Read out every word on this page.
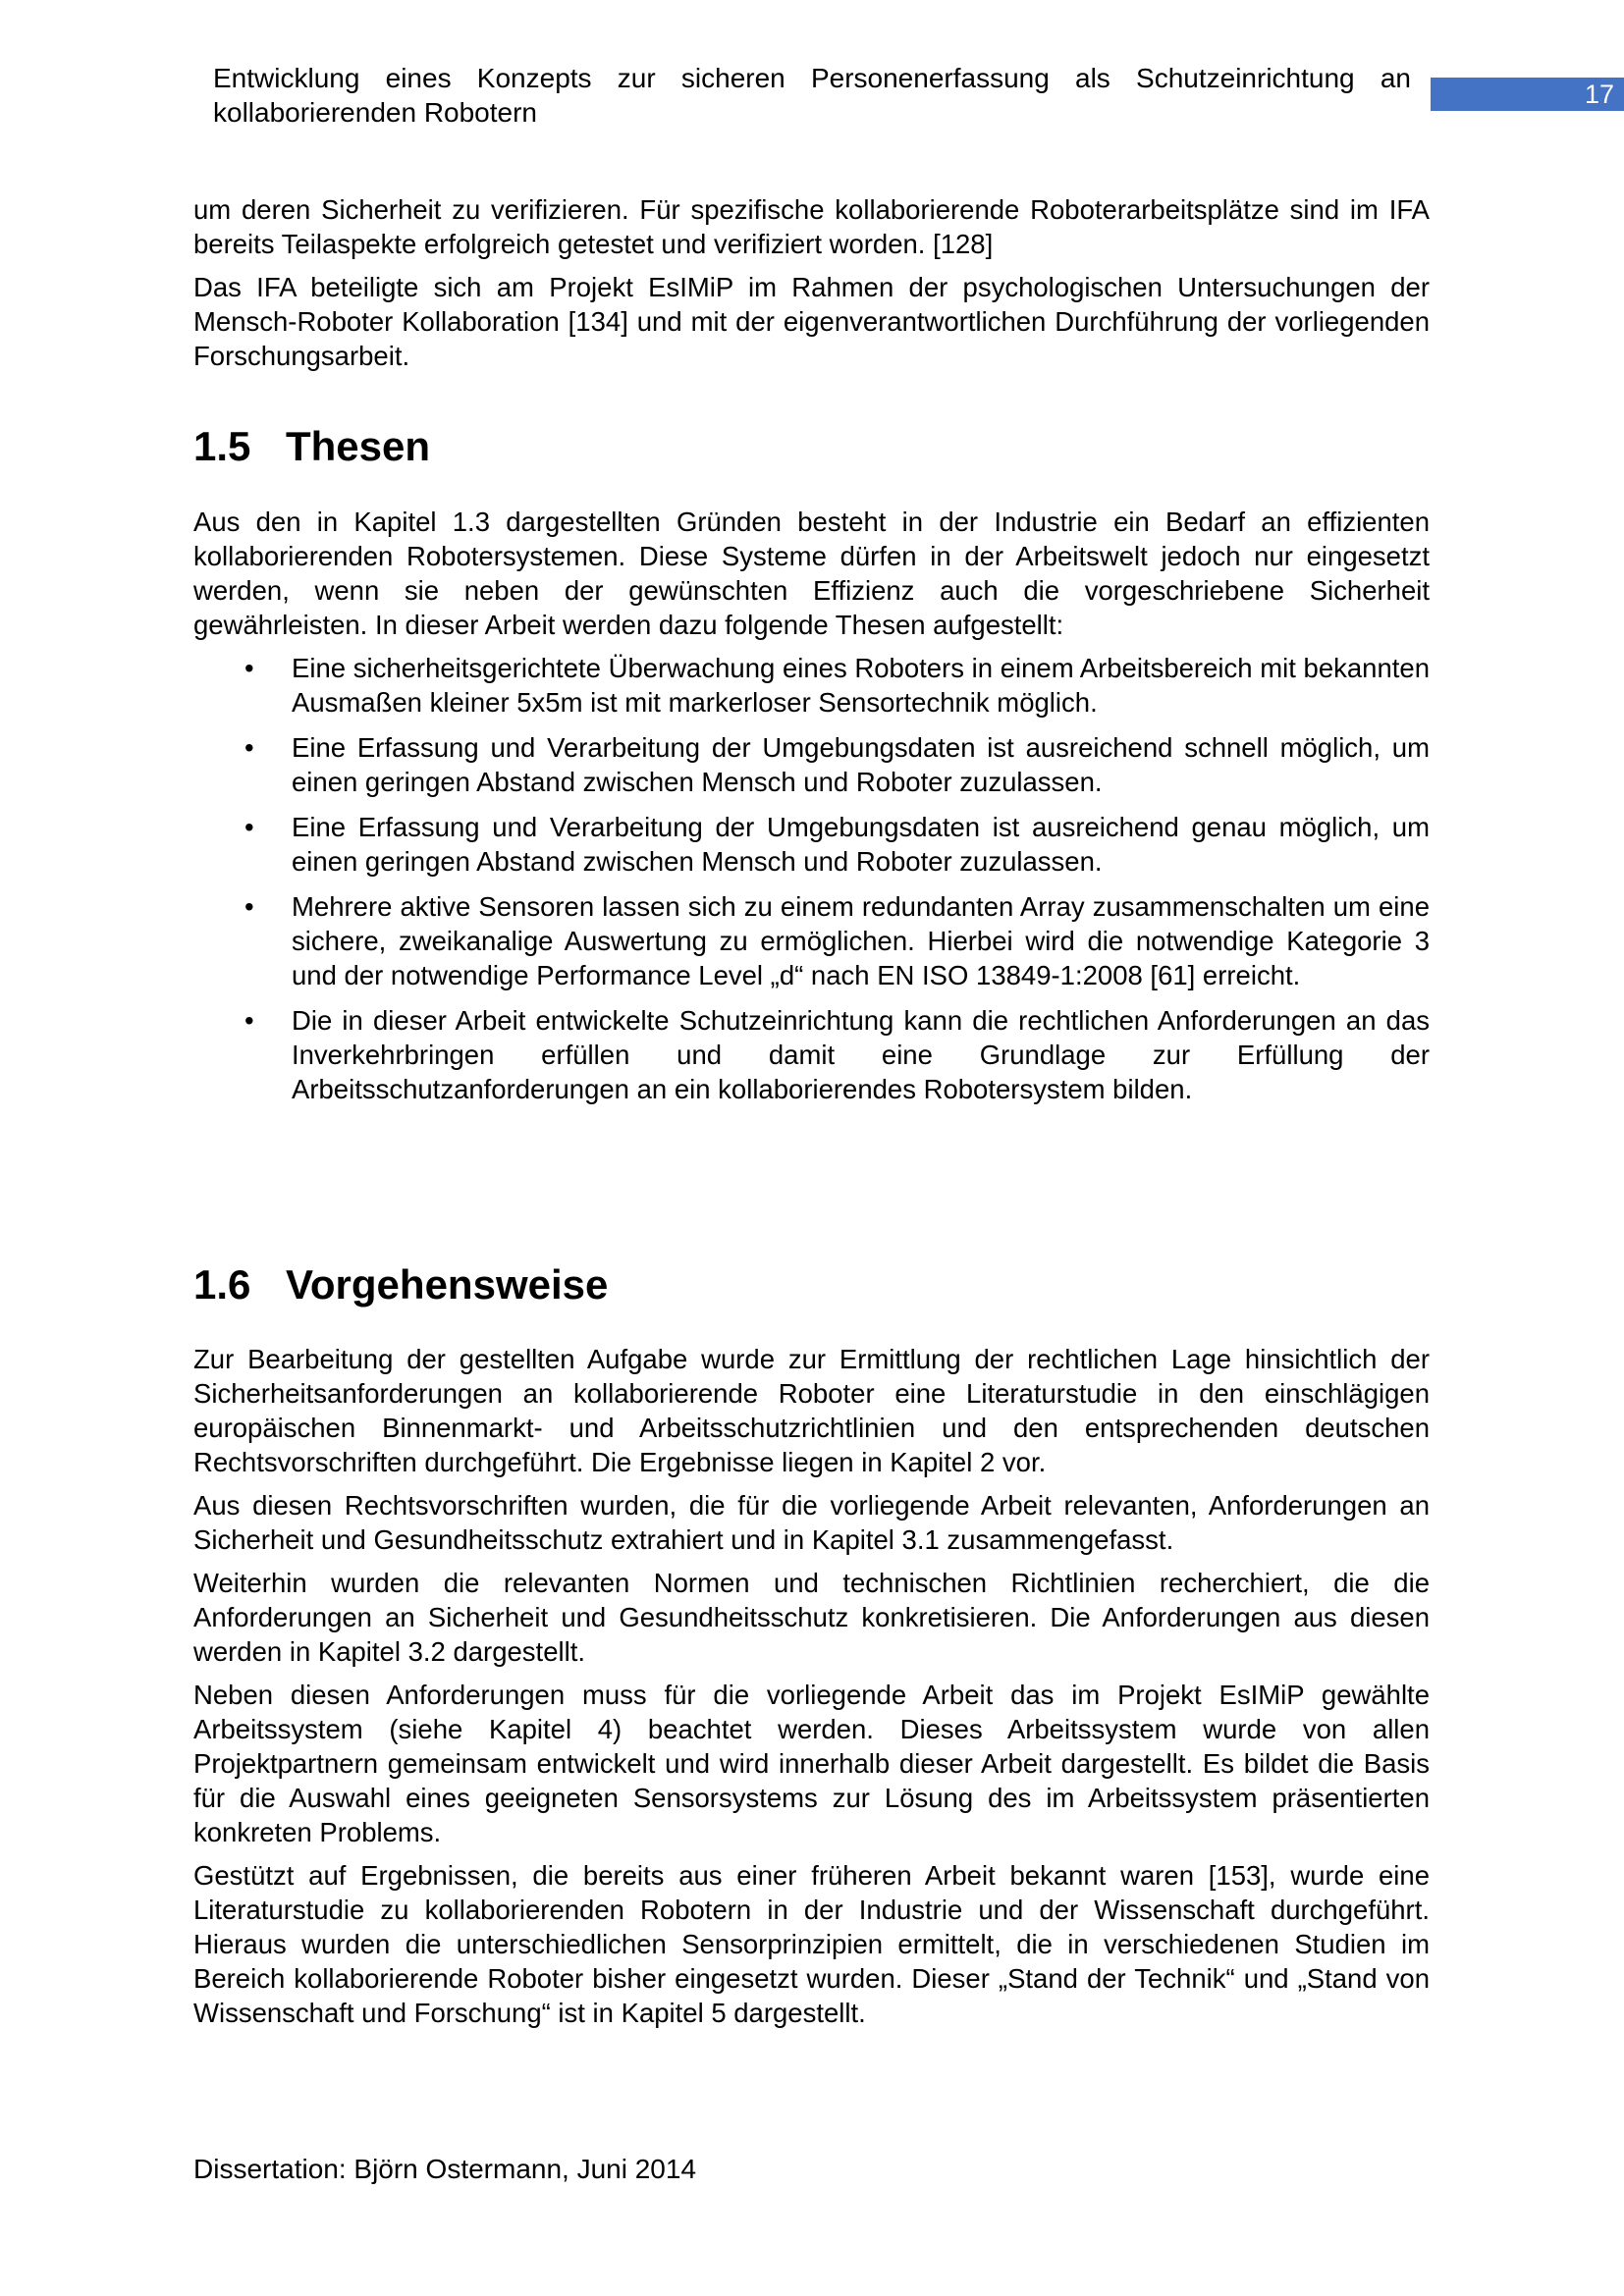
Entwicklung eines Konzepts zur sicheren Personenerfassung als Schutzeinrichtung an kollaborierenden Robotern
17

um deren Sicherheit zu verifizieren. Für spezifische kollaborierende Roboterarbeitsplätze sind im IFA bereits Teilaspekte erfolgreich getestet und verifiziert worden. [128]

Das IFA beteiligte sich am Projekt EsIMiP im Rahmen der psychologischen Untersuchungen der Mensch-Roboter Kollaboration [134] und mit der eigenverantwortlichen Durchführung der vorliegenden Forschungsarbeit.

1.5 Thesen

Aus den in Kapitel 1.3 dargestellten Gründen besteht in der Industrie ein Bedarf an effizienten kollaborierenden Robotersystemen. Diese Systeme dürfen in der Arbeitswelt jedoch nur eingesetzt werden, wenn sie neben der gewünschten Effizienz auch die vorgeschriebene Sicherheit gewährleisten. In dieser Arbeit werden dazu folgende Thesen aufgestellt:

• Eine sicherheitsgerichtete Überwachung eines Roboters in einem Arbeitsbereich mit bekannten Ausmaßen kleiner 5x5m ist mit markerloser Sensortechnik möglich.
• Eine Erfassung und Verarbeitung der Umgebungsdaten ist ausreichend schnell möglich, um einen geringen Abstand zwischen Mensch und Roboter zuzulassen.
• Eine Erfassung und Verarbeitung der Umgebungsdaten ist ausreichend genau möglich, um einen geringen Abstand zwischen Mensch und Roboter zuzulassen.
• Mehrere aktive Sensoren lassen sich zu einem redundanten Array zusammenschalten um eine sichere, zweikanalige Auswertung zu ermöglichen. Hierbei wird die notwendige Kategorie 3 und der notwendige Performance Level „d“ nach EN ISO 13849-1:2008 [61] erreicht.
• Die in dieser Arbeit entwickelte Schutzeinrichtung kann die rechtlichen Anforderungen an das Inverkehrbringen erfüllen und damit eine Grundlage zur Erfüllung der Arbeitsschutzanforderungen an ein kollaborierendes Robotersystem bilden.
1.6 Vorgehensweise

Zur Bearbeitung der gestellten Aufgabe wurde zur Ermittlung der rechtlichen Lage hinsichtlich der Sicherheitsanforderungen an kollaborierende Roboter eine Literaturstudie in den einschlägigen europäischen Binnenmarkt- und Arbeitsschutzrichtlinien und den entsprechenden deutschen Rechtsvorschriften durchgeführt. Die Ergebnisse liegen in Kapitel 2 vor.

Aus diesen Rechtsvorschriften wurden, die für die vorliegende Arbeit relevanten, Anforderungen an Sicherheit und Gesundheitsschutz extrahiert und in Kapitel 3.1 zusammengefasst.

Weiterhin wurden die relevanten Normen und technischen Richtlinien recherchiert, die die Anforderungen an Sicherheit und Gesundheitsschutz konkretisieren. Die Anforderungen aus diesen werden in Kapitel 3.2 dargestellt.

Neben diesen Anforderungen muss für die vorliegende Arbeit das im Projekt EsIMiP gewählte Arbeitssystem (siehe Kapitel 4) beachtet werden. Dieses Arbeitssystem wurde von allen Projektpartnern gemeinsam entwickelt und wird innerhalb dieser Arbeit dargestellt. Es bildet die Basis für die Auswahl eines geeigneten Sensorsystems zur Lösung des im Arbeitssystem präsentierten konkreten Problems.

Gestützt auf Ergebnissen, die bereits aus einer früheren Arbeit bekannt waren [153], wurde eine Literaturstudie zu kollaborierenden Robotern in der Industrie und der Wissenschaft durchgeführt. Hieraus wurden die unterschiedlichen Sensorprinzipien ermittelt, die in verschiedenen Studien im Bereich kollaborierende Roboter bisher eingesetzt wurden. Dieser „Stand der Technik“ und „Stand von Wissenschaft und Forschung“ ist in Kapitel 5 dargestellt.

Dissertation: Björn Ostermann, Juni 2014
